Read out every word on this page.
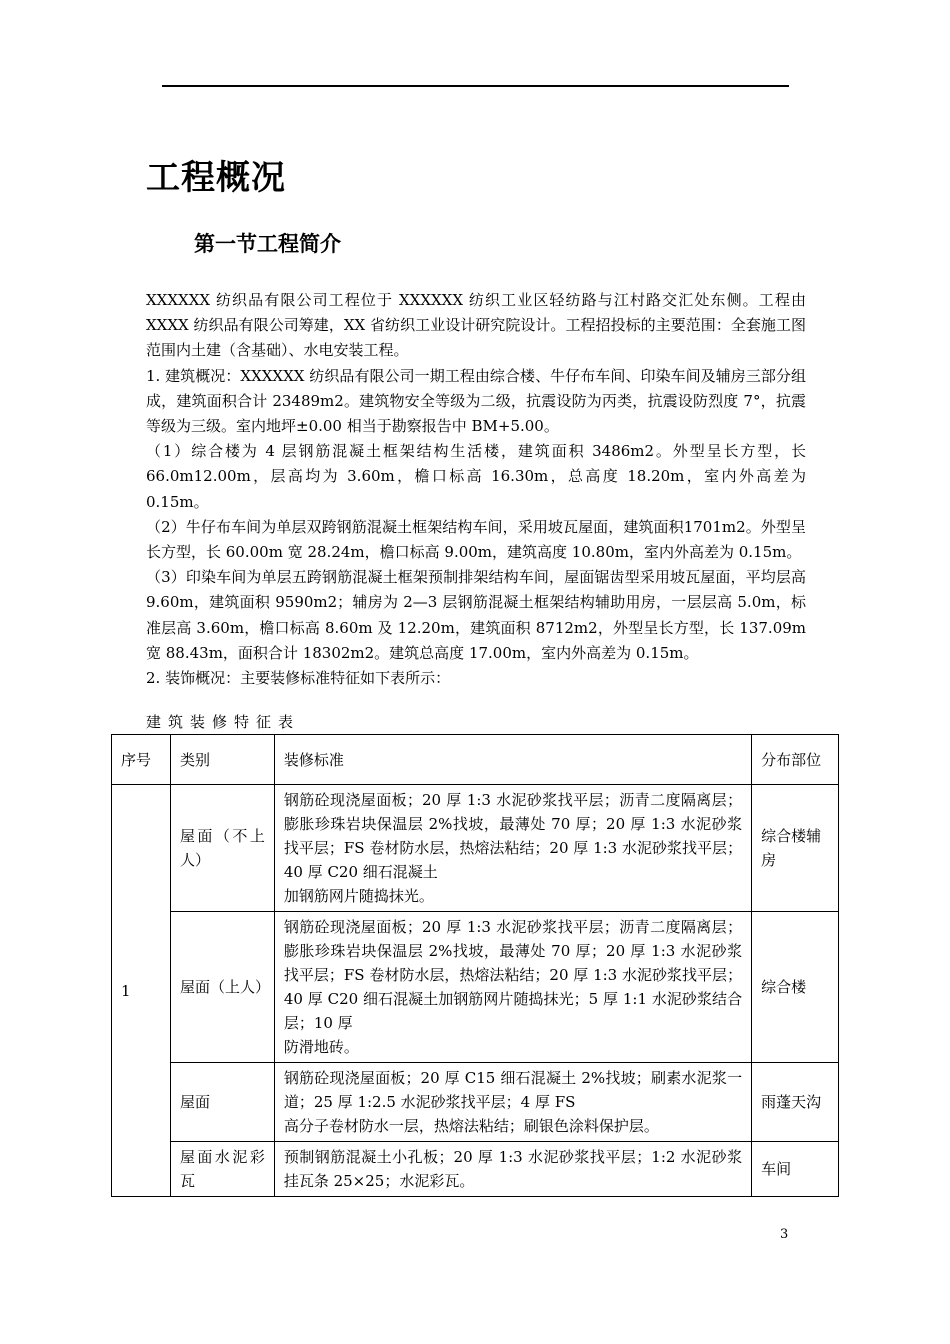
工程概况
第一节工程简介

XXXXXX 纺织品有限公司工程位于 XXXXXX 纺织工业区轻纺路与江村路交汇处东侧。工程由 XXXX 纺织品有限公司筹建，XX 省纺织工业设计研究院设计。工程招投标的主要范围：全套施工图范围内土建（含基础）、水电安装工程。

1. 建筑概况：XXXXXX 纺织品有限公司一期工程由综合楼、牛仔布车间、印染车间及辅房三部分组成，建筑面积合计 23489m2。建筑物安全等级为二级，抗震设防为丙类，抗震设防烈度 7°，抗震等级为三级。室内地坪±0.00 相当于勘察报告中 BM+5.00。

（1）综合楼为 4 层钢筋混凝土框架结构生活楼，建筑面积 3486m2。外型呈长方型，长66.0m12.00m，层高均为 3.60m，檐口标高 16.30m，总高度 18.20m，室内外高差为 0.15m。

（2）牛仔布车间为单层双跨钢筋混凝土框架结构车间，采用坡瓦屋面，建筑面积1701m2。外型呈长方型，长 60.00m 宽 28.24m，檐口标高 9.00m，建筑高度 10.80m，室内外高差为 0.15m。

（3）印染车间为单层五跨钢筋混凝土框架预制排架结构车间，屋面锯齿型采用坡瓦屋面，平均层高 9.60m，建筑面积 9590m2；辅房为 2—3 层钢筋混凝土框架结构辅助用房，一层层高 5.0m，标准层高 3.60m，檐口标高 8.60m 及 12.20m，建筑面积 8712m2，外型呈长方型，长 137.09m 宽 88.43m，面积合计 18302m2。建筑总高度 17.00m，室内外高差为 0.15m。

2. 装饰概况：主要装修标准特征如下表所示：

建筑装修特征表
序号	类别	装修标准	分布部位
1	屋面（不上人）	钢筋砼现浇屋面板；20 厚 1:3 水泥砂浆找平层；沥青二度隔离层；膨胀珍珠岩块保温层 2%找坡，最薄处 70 厚；20 厚 1:3 水泥砂浆找平层；FS 卷材防水层，热熔法粘结；20 厚 1:3 水泥砂浆找平层；40 厚 C20 细石混凝土
加钢筋网片随捣抹光。	综合楼辅房
	屋面（上人）	钢筋砼现浇屋面板；20 厚 1:3 水泥砂浆找平层；沥青二度隔离层；膨胀珍珠岩块保温层 2%找坡，最薄处 70 厚；20 厚 1:3 水泥砂浆找平层；FS 卷材防水层，热熔法粘结；20 厚 1:3 水泥砂浆找平层；40 厚 C20 细石混凝土加钢筋网片随捣抹光；5 厚 1:1 水泥砂浆结合层；10 厚
防滑地砖。	综合楼
	屋面	钢筋砼现浇屋面板；20 厚 C15 细石混凝土 2%找坡；刷素水泥浆一道；25 厚 1:2.5 水泥砂浆找平层；4 厚 FS
高分子卷材防水一层，热熔法粘结；刷银色涂料保护层。	雨蓬天沟
	屋面水泥彩瓦	预制钢筋混凝土小孔板；20 厚 1:3 水泥砂浆找平层；1:2 水泥砂浆挂瓦条 25×25；水泥彩瓦。	车间
3
